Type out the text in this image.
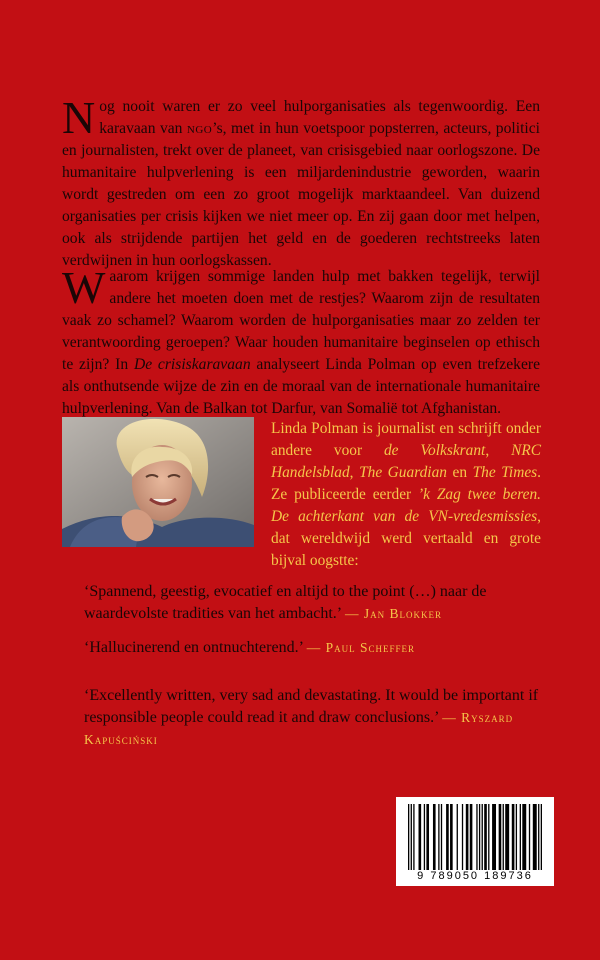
Nog nooit waren er zo veel hulporganisaties als tegenwoordig. Een karavaan van ngo’s, met in hun voetspoor popsterren, acteurs, politici en journalisten, trekt over de planeet, van crisisgebied naar oorlogszone. De humanitaire hulpverlening is een miljardenindustrie geworden, waarin wordt gestreden om een zo groot mogelijk marktaandeel. Van duizend organisaties per crisis kijken we niet meer op. En zij gaan door met helpen, ook als strijdende partijen het geld en de goederen rechtstreeks laten verdwijnen in hun oorlogskassen.
Waarom krijgen sommige landen hulp met bakken tegelijk, terwijl andere het moeten doen met de restjes? Waarom zijn de resultaten vaak zo schamel? Waarom worden de hulporganisaties maar zo zelden ter verantwoording geroepen? Waar houden humanitaire beginselen op ethisch te zijn? In De crisiskaravaan analyseert Linda Polman op even trefzekere als onthutsende wijze de zin en de moraal van de internationale humanitaire hulpverlening. Van de Balkan tot Darfur, van Somalië tot Afghanistan.
Linda Polman is journalist en schrijft onder andere voor de Volkskrant, NRC Handelsblad, The Guardian en The Times. Ze publiceerde eerder ’k Zag twee beren. De achterkant van de VN-vredesmissies, dat wereldwijd werd vertaald en grote bijval oogstte:
‘Spannend, geestig, evocatief en altijd to the point (…) naar de waardevolste tradities van het ambacht.’ — Jan Blokker
‘Hallucinerend en ontnuchterend.’ — Paul Scheffer
‘Excellently written, very sad and devastating. It would be important if responsible people could read it and draw conclusions.’ — Ryszard Kapuściński
9 789050 189736
